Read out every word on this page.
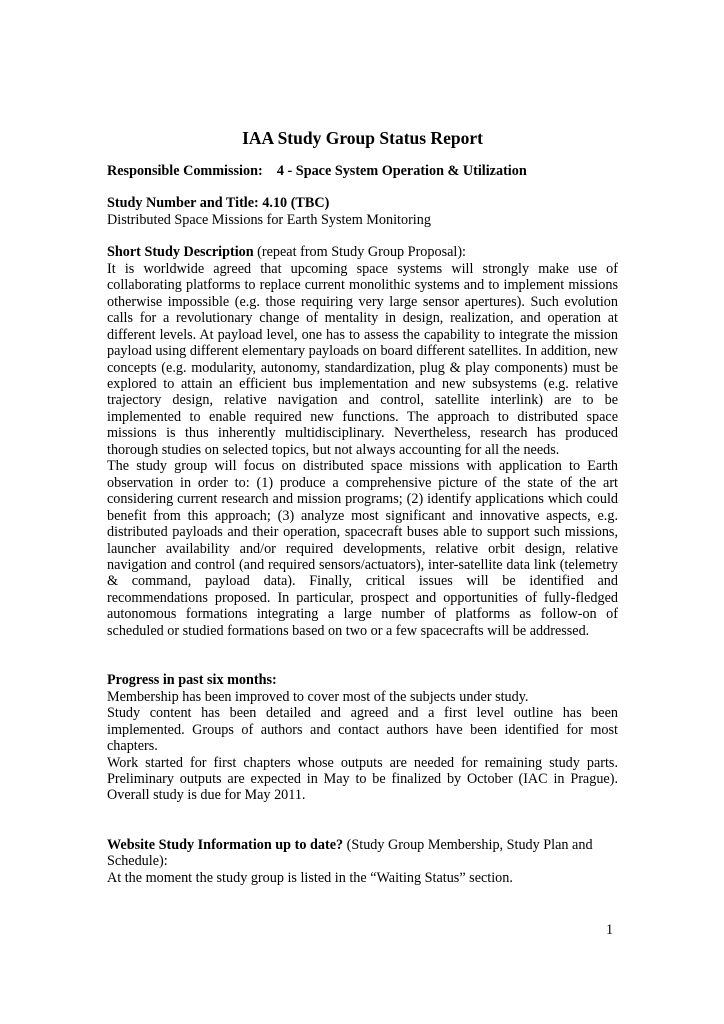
IAA Study Group Status Report
Responsible Commission: 4 - Space System Operation & Utilization

Study Number and Title: 4.10 (TBC)

Distributed Space Missions for Earth System Monitoring

Short Study Description (repeat from Study Group Proposal):

It is worldwide agreed that upcoming space systems will strongly make use of collaborating platforms to replace current monolithic systems and to implement missions otherwise impossible (e.g. those requiring very large sensor apertures). Such evolution calls for a revolutionary change of mentality in design, realization, and operation at different levels. At payload level, one has to assess the capability to integrate the mission payload using different elementary payloads on board different satellites. In addition, new concepts (e.g. modularity, autonomy, standardization, plug & play components) must be explored to attain an efficient bus implementation and new subsystems (e.g. relative trajectory design, relative navigation and control, satellite interlink) are to be implemented to enable required new functions. The approach to distributed space missions is thus inherently multidisciplinary. Nevertheless, research has produced thorough studies on selected topics, but not always accounting for all the needs.

The study group will focus on distributed space missions with application to Earth observation in order to: (1) produce a comprehensive picture of the state of the art considering current research and mission programs; (2) identify applications which could benefit from this approach; (3) analyze most significant and innovative aspects, e.g. distributed payloads and their operation, spacecraft buses able to support such missions, launcher availability and/or required developments, relative orbit design, relative navigation and control (and required sensors/actuators), inter-satellite data link (telemetry & command, payload data). Finally, critical issues will be identified and recommendations proposed. In particular, prospect and opportunities of fully-fledged autonomous formations integrating a large number of platforms as follow-on of scheduled or studied formations based on two or a few spacecrafts will be addressed.

Progress in past six months:

Membership has been improved to cover most of the subjects under study.

Study content has been detailed and agreed and a first level outline has been implemented. Groups of authors and contact authors have been identified for most chapters.

Work started for first chapters whose outputs are needed for remaining study parts. Preliminary outputs are expected in May to be finalized by October (IAC in Prague). Overall study is due for May 2011.

Website Study Information up to date? (Study Group Membership, Study Plan and Schedule):

At the moment the study group is listed in the “Waiting Status” section.

1
